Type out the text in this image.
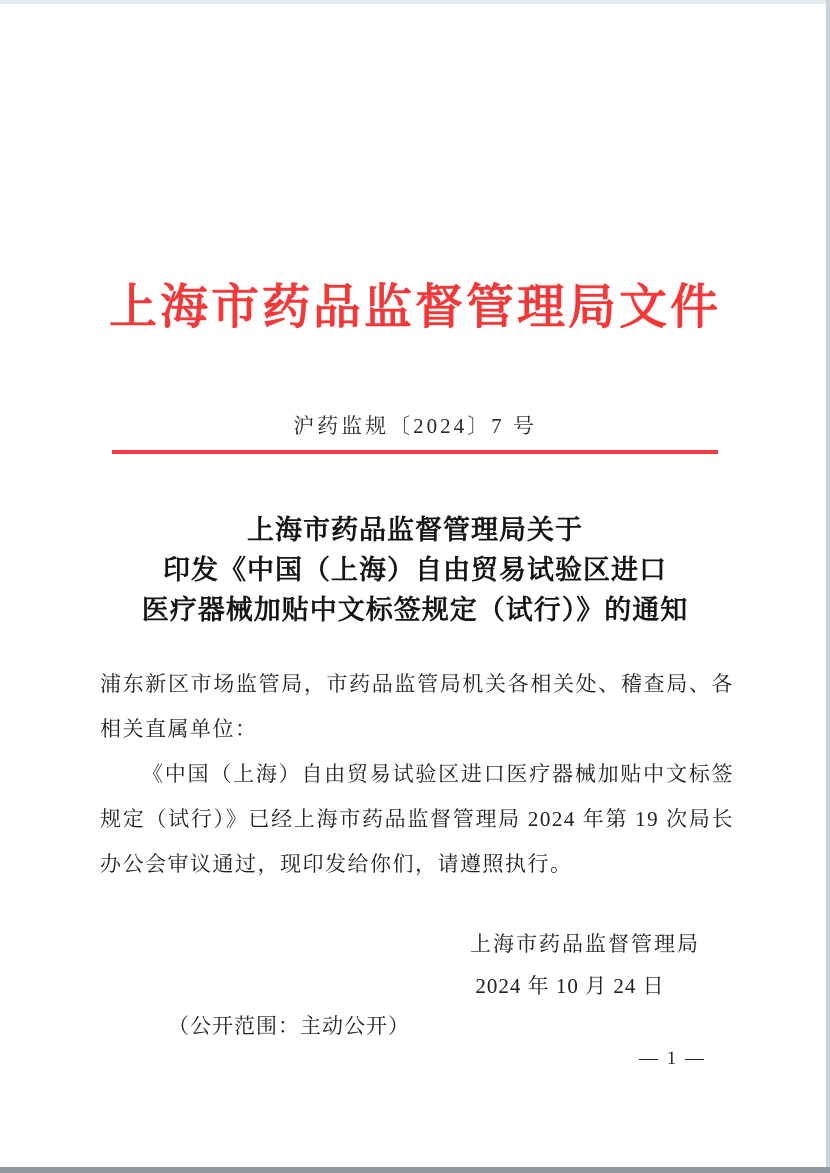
上海市药品监督管理局文件
沪药监规〔2024〕7 号
上海市药品监督管理局关于
印发《中国（上海）自由贸易试验区进口
医疗器械加贴中文标签规定（试行）》的通知

浦东新区市场监管局，市药品监管局机关各相关处、稽查局、各相关直属单位：

《中国（上海）自由贸易试验区进口医疗器械加贴中文标签规定（试行）》已经上海市药品监督管理局 2024 年第 19 次局长办公会审议通过，现印发给你们，请遵照执行。

上海市药品监督管理局
2024 年 10 月 24 日
（公开范围：主动公开）
— 1 —
